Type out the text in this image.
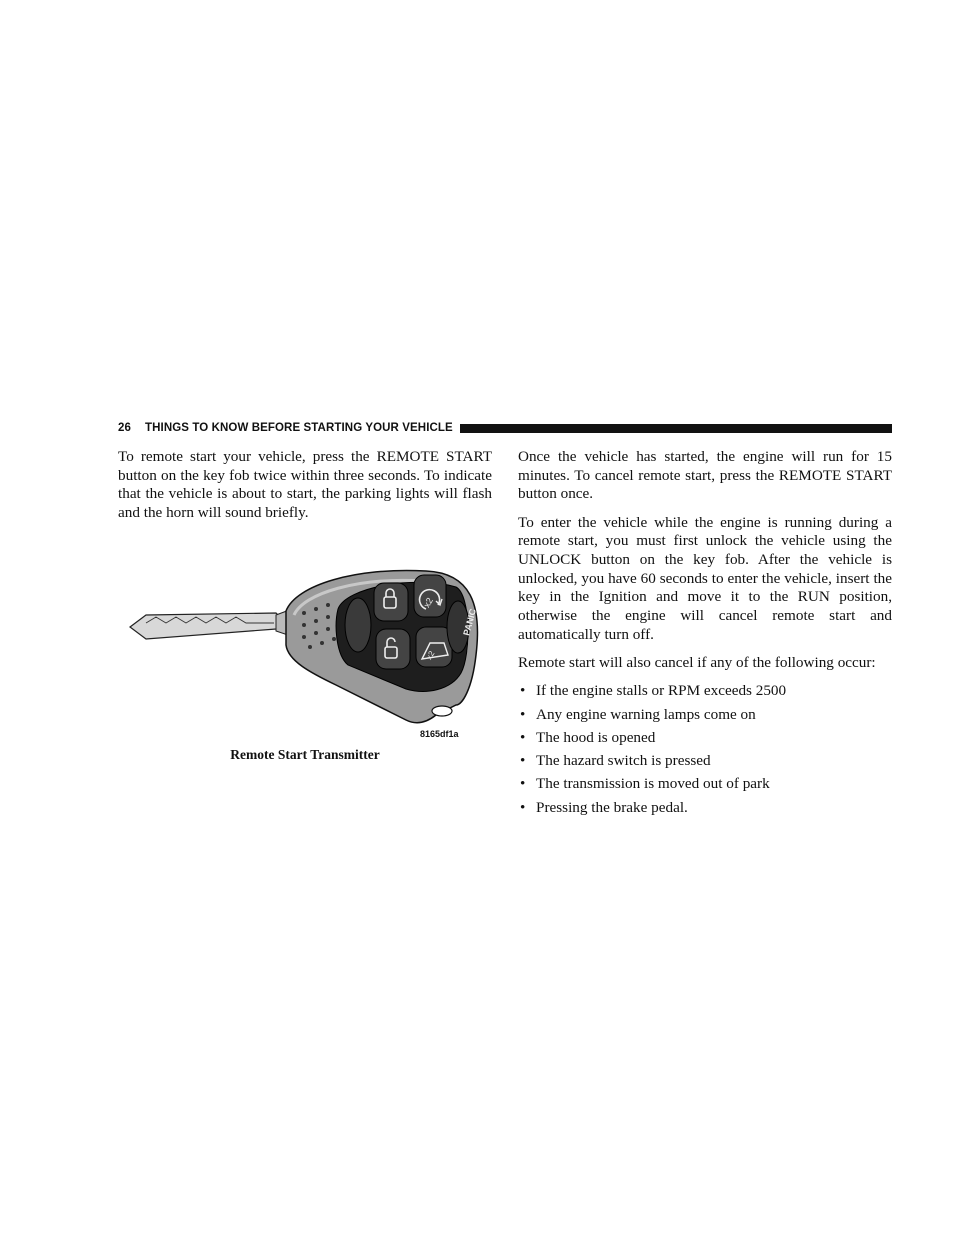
26 THINGS TO KNOW BEFORE STARTING YOUR VEHICLE

To remote start your vehicle, press the REMOTE START button on the key fob twice within three seconds. To indicate that the vehicle is about to start, the parking lights will flash and the horn will sound briefly.

x2
x2
PANIC
8165df1a
Remote Start Transmitter

Once the vehicle has started, the engine will run for 15 minutes. To cancel remote start, press the REMOTE START button once.

To enter the vehicle while the engine is running during a remote start, you must first unlock the vehicle using the UNLOCK button on the key fob. After the vehicle is unlocked, you have 60 seconds to enter the vehicle, insert the key in the Ignition and move it to the RUN position, otherwise the engine will cancel remote start and automatically turn off.

Remote start will also cancel if any of the following occur:

• If the engine stalls or RPM exceeds 2500
• Any engine warning lamps come on
• The hood is opened
• The hazard switch is pressed
• The transmission is moved out of park
• Pressing the brake pedal.
